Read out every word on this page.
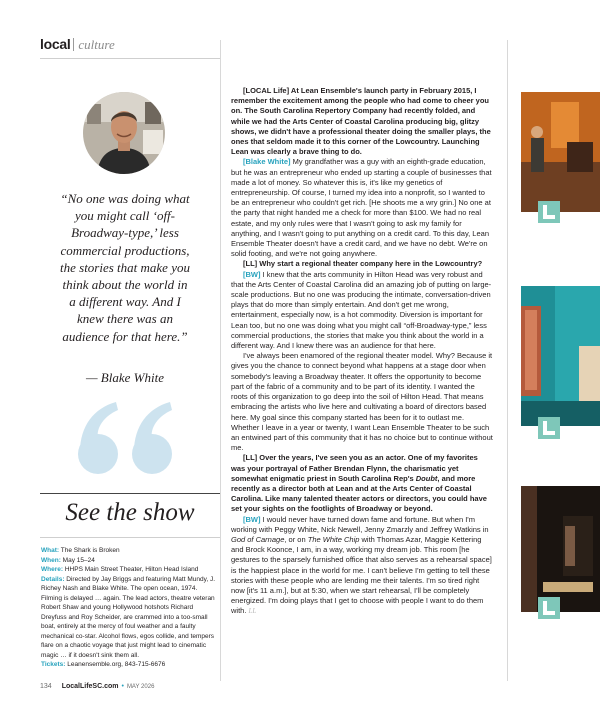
local culture
“No one was doing what you might call ‘off-Broadway-type,’ less commercial productions, the stories that make you think about the world in a different way. And I knew there was an audience for that here.”
— Blake White
See the show
What: The Shark is Broken
When: May 15–24
Where: HHPS Main Street Theater, Hilton Head Island
Details: Directed by Jay Briggs and featuring Matt Mundy, J. Richey Nash and Blake White. The open ocean, 1974. Filming is delayed … again. The lead actors, theatre veteran Robert Shaw and young Hollywood hotshots Richard Dreyfuss and Roy Scheider, are crammed into a too-small boat, entirely at the mercy of foul weather and a faulty mechanical co-star. Alcohol flows, egos collide, and tempers flare on a chaotic voyage that just might lead to cinematic magic … if it doesn't sink them all.
Tickets: Leanensemble.org, 843-715-6676

[LOCAL Life] At Lean Ensemble's launch party in February 2015, I remember the excitement among the people who had come to cheer you on. The South Carolina Repertory Company had recently folded, and while we had the Arts Center of Coastal Carolina producing big, glitzy shows, we didn't have a professional theater doing the smaller plays, the ones that seldom made it to this corner of the Lowcountry. Launching Lean was clearly a brave thing to do.

[Blake White] My grandfather was a guy with an eighth-grade education, but he was an entrepreneur who ended up starting a couple of businesses that made a lot of money. So whatever this is, it's like my genetics of entrepreneurship. Of course, I turned my idea into a nonprofit, so I wanted to be an entrepreneur who couldn't get rich. [He shoots me a wry grin.] No one at the party that night handed me a check for more than $100. We had no real estate, and my only rules were that I wasn't going to ask my family for anything, and I wasn't going to put anything on a credit card. To this day, Lean Ensemble Theater doesn't have a credit card, and we have no debt. We're on solid footing, and we're not going anywhere.

[LL] Why start a regional theater company here in the Lowcountry?

[BW] I knew that the arts community in Hilton Head was very robust and that the Arts Center of Coastal Carolina did an amazing job of putting on large-scale productions. But no one was producing the intimate, conversation-driven plays that do more than simply entertain. And don't get me wrong, entertainment, especially now, is a hot commodity. Diversion is important for Lean too, but no one was doing what you might call “off-Broadway-type,” less commercial productions, the stories that make you think about the world in a different way. And I knew there was an audience for that here.

I've always been enamored of the regional theater model. Why? Because it gives you the chance to connect beyond what happens at a stage door when somebody's leaving a Broadway theater. It offers the opportunity to become part of the fabric of a community and to be part of its identity. I wanted the roots of this organization to go deep into the soil of Hilton Head. That means embracing the artists who live here and cultivating a board of directors based here. My goal since this company started has been for it to outlast me. Whether I leave in a year or twenty, I want Lean Ensemble Theater to be such an entwined part of this community that it has no choice but to continue without me.

[LL] Over the years, I've seen you as an actor. One of my favorites was your portrayal of Father Brendan Flynn, the charismatic yet somewhat enigmatic priest in South Carolina Rep's Doubt, and more recently as a director both at Lean and at the Arts Center of Coastal Carolina. Like many talented theater actors or directors, you could have set your sights on the footlights of Broadway or beyond.

[BW] I would never have turned down fame and fortune. But when I'm working with Peggy White, Nick Newell, Jenny Zmarzly and Jeffrey Watkins in God of Carnage, or on The White Chip with Thomas Azar, Maggie Kettering and Brock Koonce, I am, in a way, working my dream job. This room [he gestures to the sparsely furnished office that also serves as a rehearsal space] is the happiest place in the world for me. I can't believe I'm getting to tell these stories with these people who are lending me their talents. I'm so tired right now [it's 11 a.m.], but at 5:30, when we start rehearsal, I'll be completely energized. I'm doing plays that I get to choose with people I want to do them with. LL

134 LocalLifeSC.com • MAY 2026
